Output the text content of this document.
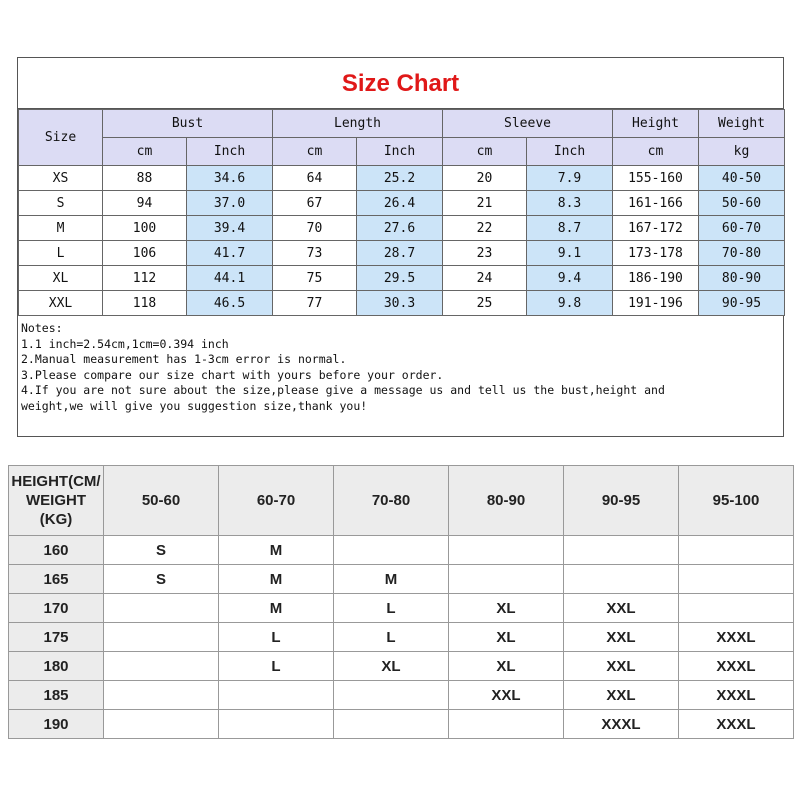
Size Chart
Size	Bust		Length		Sleeve		Height	Weight
	cm	Inch	cm	Inch	cm	Inch	cm	kg
XS	88	34.6	64	25.2	20	7.9	155-160	40-50
S	94	37.0	67	26.4	21	8.3	161-166	50-60
M	100	39.4	70	27.6	22	8.7	167-172	60-70
L	106	41.7	73	28.7	23	9.1	173-178	70-80
XL	112	44.1	75	29.5	24	9.4	186-190	80-90
XXL	118	46.5	77	30.3	25	9.8	191-196	90-95
Notes:
1.1 inch=2.54cm,1cm=0.394 inch
2.Manual measurement has 1-3cm error is normal.
3.Please compare our size chart with yours before your order.
4.If you are not sure about the size,please give a message us and tell us the bust,height and
weight,we will give you suggestion size,thank you!
HEIGHT(CM/
WEIGHT
(KG)	50-60	60-70	70-80	80-90	90-95	95-100
160	S	M				
165	S	M	M			
170		M	L	XL	XXL	
175		L	L	XL	XXL	XXXL
180		L	XL	XL	XXL	XXXL
185				XXL	XXL	XXXL
190					XXXL	XXXL
